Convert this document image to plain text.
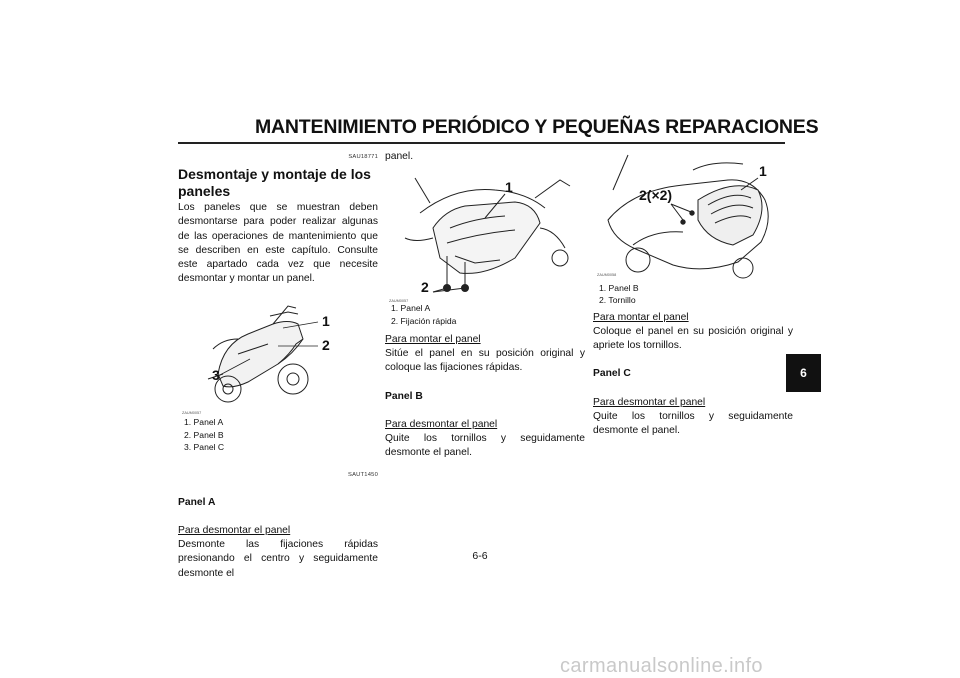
MANTENIMIENTO PERIÓDICO Y PEQUEÑAS REPARACIONES
SAU18771
Desmontaje y montaje de los paneles
Los paneles que se muestran deben desmontarse para poder realizar algunas de las operaciones de mantenimiento que se describen en este capítulo. Consulte este apartado cada vez que necesite desmontar y montar un panel.
1
2
3
ZAUM0057
1. Panel A
2. Panel B
3. Panel C
SAUT1450
Panel A
Para desmontar el panel
Desmonte las fijaciones rápidas presionando el centro y seguidamente desmonte el
panel.
1
2
ZAUM0057
1. Panel A
2. Fijación rápida
Para montar el panel
Sitúe el panel en su posición original y coloque las fijaciones rápidas.
Panel B
Para desmontar el panel
Quite los tornillos y seguidamente desmonte el panel.
1
2(×2)
ZAUM0058
1. Panel B
2. Tornillo
Para montar el panel
Coloque el panel en su posición original y apriete los tornillos.
Panel C
Para desmontar el panel
Quite los tornillos y seguidamente desmonte el panel.
6-6
6
carmanualsonline.info
